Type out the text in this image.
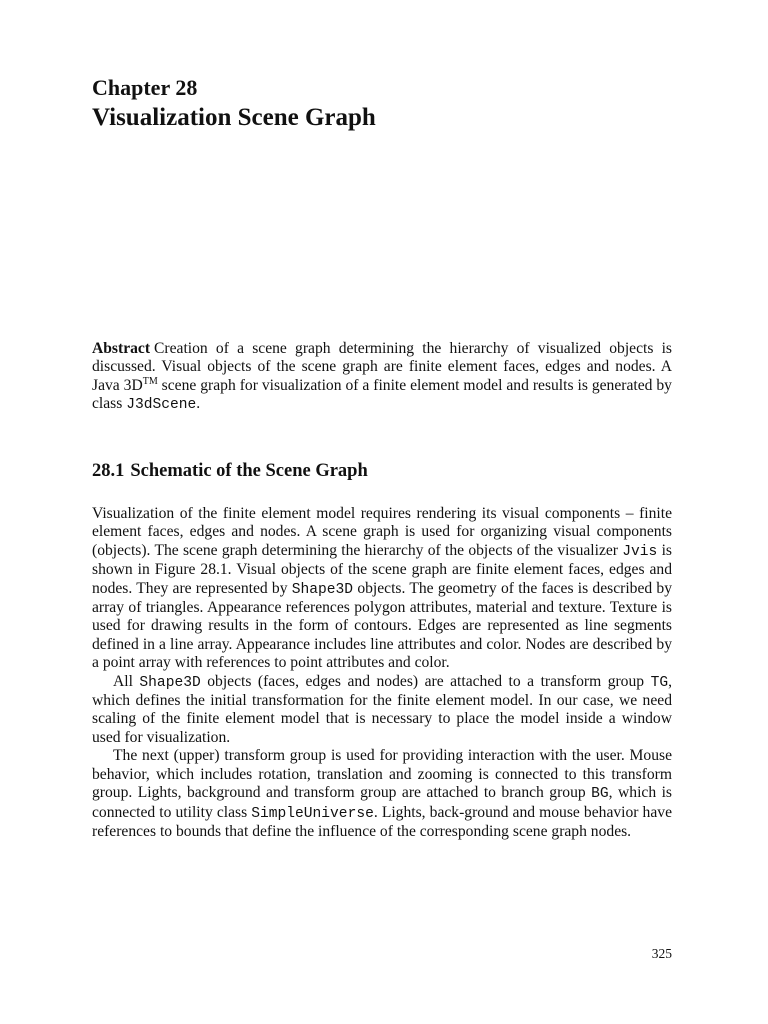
Chapter 28
Visualization Scene Graph
Abstract Creation of a scene graph determining the hierarchy of visualized objects is discussed. Visual objects of the scene graph are finite element faces, edges and nodes. A Java 3D™ scene graph for visualization of a finite element model and results is generated by class J3dScene.
28.1 Schematic of the Scene Graph

Visualization of the finite element model requires rendering its visual components – finite element faces, edges and nodes. A scene graph is used for organizing visual components (objects). The scene graph determining the hierarchy of the objects of the visualizer Jvis is shown in Figure 28.1. Visual objects of the scene graph are finite element faces, edges and nodes. They are represented by Shape3D objects. The geometry of the faces is described by array of triangles. Appearance references polygon attributes, material and texture. Texture is used for drawing results in the form of contours. Edges are represented as line segments defined in a line array. Appearance includes line attributes and color. Nodes are described by a point array with references to point attributes and color.

All Shape3D objects (faces, edges and nodes) are attached to a transform group TG, which defines the initial transformation for the finite element model. In our case, we need scaling of the finite element model that is necessary to place the model inside a window used for visualization.

The next (upper) transform group is used for providing interaction with the user. Mouse behavior, which includes rotation, translation and zooming is connected to this transform group. Lights, background and transform group are attached to branch group BG, which is connected to utility class SimpleUniverse. Lights, back-ground and mouse behavior have references to bounds that define the influence of the corresponding scene graph nodes.

325
